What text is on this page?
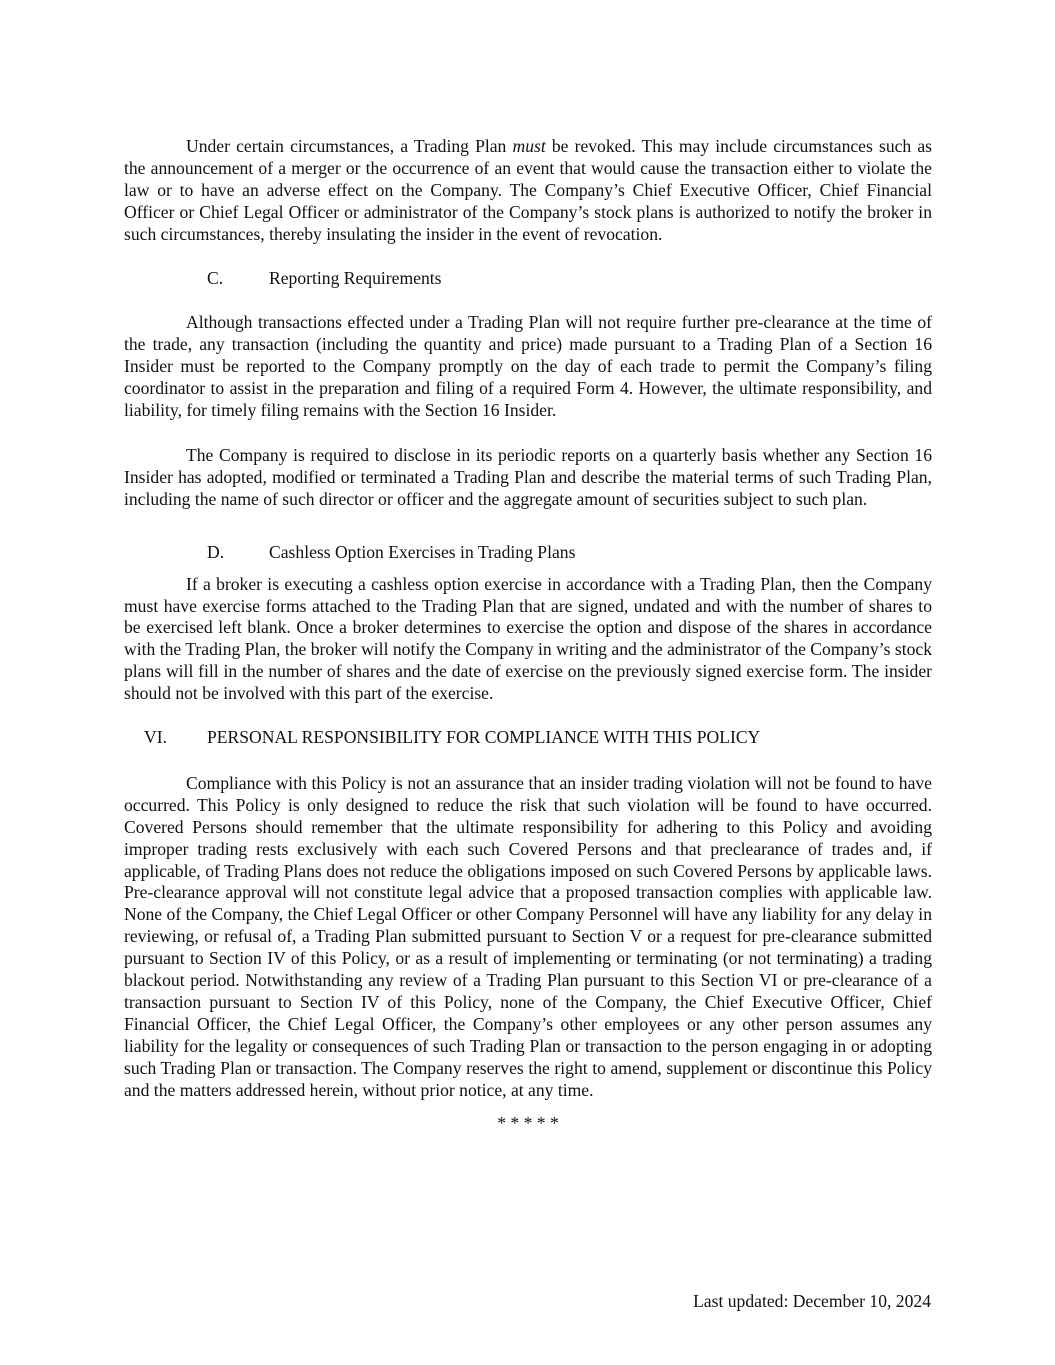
Under certain circumstances, a Trading Plan must be revoked. This may include circumstances such as the announcement of a merger or the occurrence of an event that would cause the transaction either to violate the law or to have an adverse effect on the Company. The Company’s Chief Executive Officer, Chief Financial Officer or Chief Legal Officer or administrator of the Company’s stock plans is authorized to notify the broker in such circumstances, thereby insulating the insider in the event of revocation.

C.	Reporting Requirements

Although transactions effected under a Trading Plan will not require further pre-clearance at the time of the trade, any transaction (including the quantity and price) made pursuant to a Trading Plan of a Section 16 Insider must be reported to the Company promptly on the day of each trade to permit the Company’s filing coordinator to assist in the preparation and filing of a required Form 4. However, the ultimate responsibility, and liability, for timely filing remains with the Section 16 Insider.

The Company is required to disclose in its periodic reports on a quarterly basis whether any Section 16 Insider has adopted, modified or terminated a Trading Plan and describe the material terms of such Trading Plan, including the name of such director or officer and the aggregate amount of securities subject to such plan.

D.	Cashless Option Exercises in Trading Plans

If a broker is executing a cashless option exercise in accordance with a Trading Plan, then the Company must have exercise forms attached to the Trading Plan that are signed, undated and with the number of shares to be exercised left blank. Once a broker determines to exercise the option and dispose of the shares in accordance with the Trading Plan, the broker will notify the Company in writing and the administrator of the Company’s stock plans will fill in the number of shares and the date of exercise on the previously signed exercise form. The insider should not be involved with this part of the exercise.

VI.	PERSONAL RESPONSIBILITY FOR COMPLIANCE WITH THIS POLICY

Compliance with this Policy is not an assurance that an insider trading violation will not be found to have occurred. This Policy is only designed to reduce the risk that such violation will be found to have occurred. Covered Persons should remember that the ultimate responsibility for adhering to this Policy and avoiding improper trading rests exclusively with each such Covered Persons and that preclearance of trades and, if applicable, of Trading Plans does not reduce the obligations imposed on such Covered Persons by applicable laws. Pre-clearance approval will not constitute legal advice that a proposed transaction complies with applicable law. None of the Company, the Chief Legal Officer or other Company Personnel will have any liability for any delay in reviewing, or refusal of, a Trading Plan submitted pursuant to Section V or a request for pre-clearance submitted pursuant to Section IV of this Policy, or as a result of implementing or terminating (or not terminating) a trading blackout period. Notwithstanding any review of a Trading Plan pursuant to this Section VI or pre-clearance of a transaction pursuant to Section IV of this Policy, none of the Company, the Chief Executive Officer, Chief Financial Officer, the Chief Legal Officer, the Company’s other employees or any other person assumes any liability for the legality or consequences of such Trading Plan or transaction to the person engaging in or adopting such Trading Plan or transaction. The Company reserves the right to amend, supplement or discontinue this Policy and the matters addressed herein, without prior notice, at any time.

* * * * *

Last updated: December 10, 2024
